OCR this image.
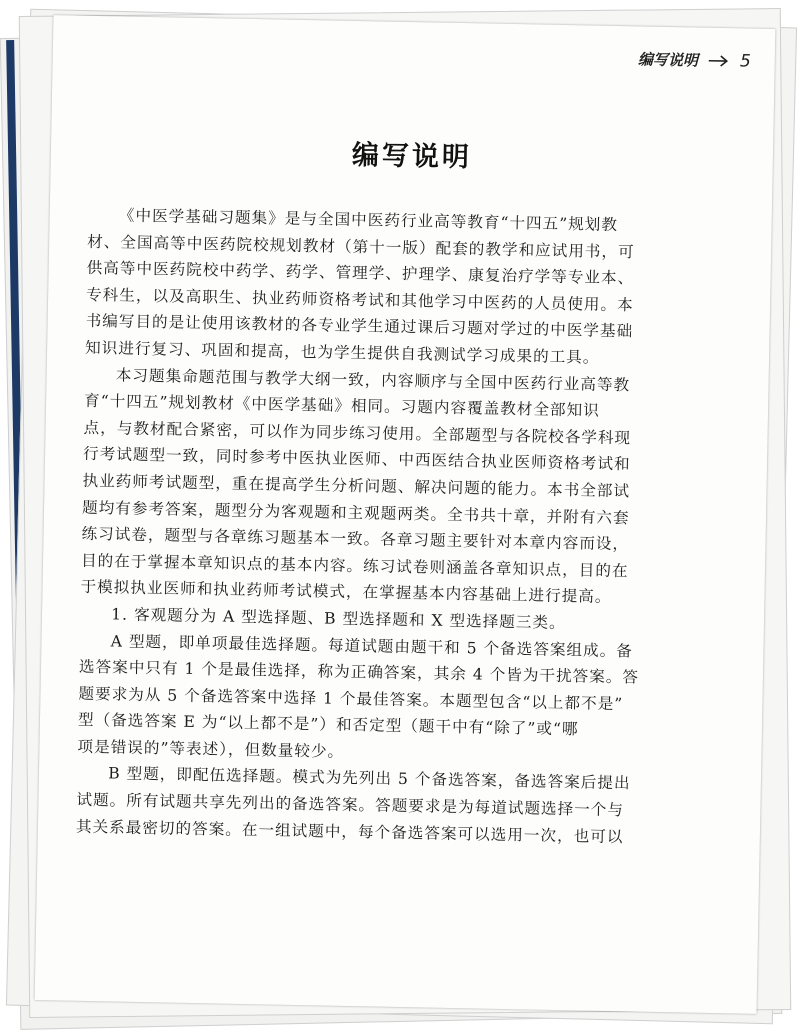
编写说明 5
编写说明
《中医学基础习题集》是与全国中医药行业高等教育“十四五”规划教
材、全国高等中医药院校规划教材（第十一版）配套的教学和应试用书，可
供高等中医药院校中药学、药学、管理学、护理学、康复治疗学等专业本、
专科生，以及高职生、执业药师资格考试和其他学习中医药的人员使用。本
书编写目的是让使用该教材的各专业学生通过课后习题对学过的中医学基础
知识进行复习、巩固和提高，也为学生提供自我测试学习成果的工具。
本习题集命题范围与教学大纲一致，内容顺序与全国中医药行业高等教
育“十四五”规划教材《中医学基础》相同。习题内容覆盖教材全部知识
点，与教材配合紧密，可以作为同步练习使用。全部题型与各院校各学科现
行考试题型一致，同时参考中医执业医师、中西医结合执业医师资格考试和
执业药师考试题型，重在提高学生分析问题、解决问题的能力。本书全部试
题均有参考答案，题型分为客观题和主观题两类。全书共十章，并附有六套
练习试卷，题型与各章练习题基本一致。各章习题主要针对本章内容而设，
目的在于掌握本章知识点的基本内容。练习试卷则涵盖各章知识点，目的在
于模拟执业医师和执业药师考试模式，在掌握基本内容基础上进行提高。
1. 客观题分为 A 型选择题、B 型选择题和 X 型选择题三类。
A 型题，即单项最佳选择题。每道试题由题干和 5 个备选答案组成。备
选答案中只有 1 个是最佳选择，称为正确答案，其余 4 个皆为干扰答案。答
题要求为从 5 个备选答案中选择 1 个最佳答案。本题型包含“以上都不是”
型（备选答案 E 为“以上都不是”）和否定型（题干中有“除了”或“哪
项是错误的”等表述），但数量较少。
B 型题，即配伍选择题。模式为先列出 5 个备选答案，备选答案后提出
试题。所有试题共享先列出的备选答案。答题要求是为每道试题选择一个与
其关系最密切的答案。在一组试题中，每个备选答案可以选用一次，也可以
